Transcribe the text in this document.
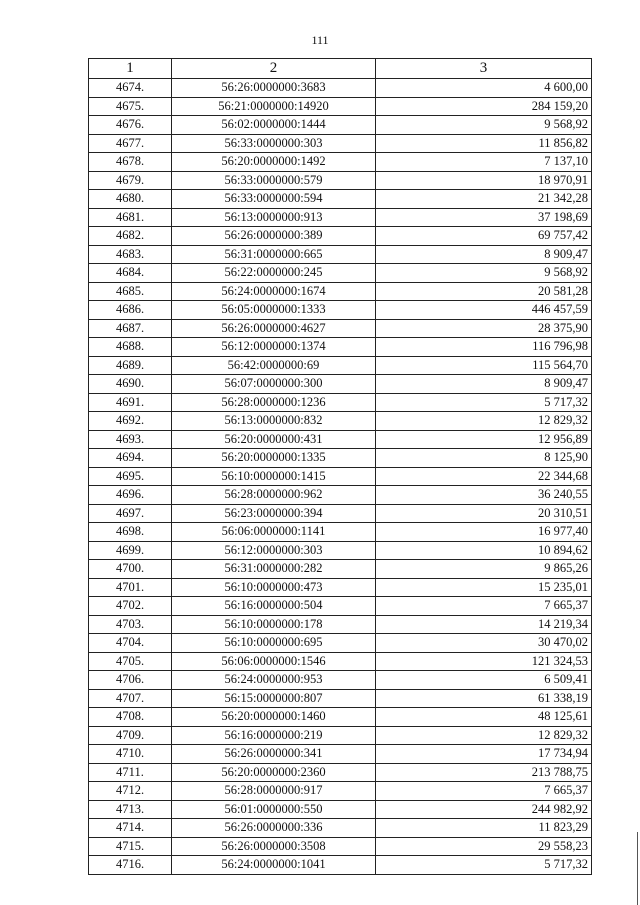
111
1	2	3
4674.	56:26:0000000:3683	4 600,00
4675.	56:21:0000000:14920	284 159,20
4676.	56:02:0000000:1444	9 568,92
4677.	56:33:0000000:303	11 856,82
4678.	56:20:0000000:1492	7 137,10
4679.	56:33:0000000:579	18 970,91
4680.	56:33:0000000:594	21 342,28
4681.	56:13:0000000:913	37 198,69
4682.	56:26:0000000:389	69 757,42
4683.	56:31:0000000:665	8 909,47
4684.	56:22:0000000:245	9 568,92
4685.	56:24:0000000:1674	20 581,28
4686.	56:05:0000000:1333	446 457,59
4687.	56:26:0000000:4627	28 375,90
4688.	56:12:0000000:1374	116 796,98
4689.	56:42:0000000:69	115 564,70
4690.	56:07:0000000:300	8 909,47
4691.	56:28:0000000:1236	5 717,32
4692.	56:13:0000000:832	12 829,32
4693.	56:20:0000000:431	12 956,89
4694.	56:20:0000000:1335	8 125,90
4695.	56:10:0000000:1415	22 344,68
4696.	56:28:0000000:962	36 240,55
4697.	56:23:0000000:394	20 310,51
4698.	56:06:0000000:1141	16 977,40
4699.	56:12:0000000:303	10 894,62
4700.	56:31:0000000:282	9 865,26
4701.	56:10:0000000:473	15 235,01
4702.	56:16:0000000:504	7 665,37
4703.	56:10:0000000:178	14 219,34
4704.	56:10:0000000:695	30 470,02
4705.	56:06:0000000:1546	121 324,53
4706.	56:24:0000000:953	6 509,41
4707.	56:15:0000000:807	61 338,19
4708.	56:20:0000000:1460	48 125,61
4709.	56:16:0000000:219	12 829,32
4710.	56:26:0000000:341	17 734,94
4711.	56:20:0000000:2360	213 788,75
4712.	56:28:0000000:917	7 665,37
4713.	56:01:0000000:550	244 982,92
4714.	56:26:0000000:336	11 823,29
4715.	56:26:0000000:3508	29 558,23
4716.	56:24:0000000:1041	5 717,32
